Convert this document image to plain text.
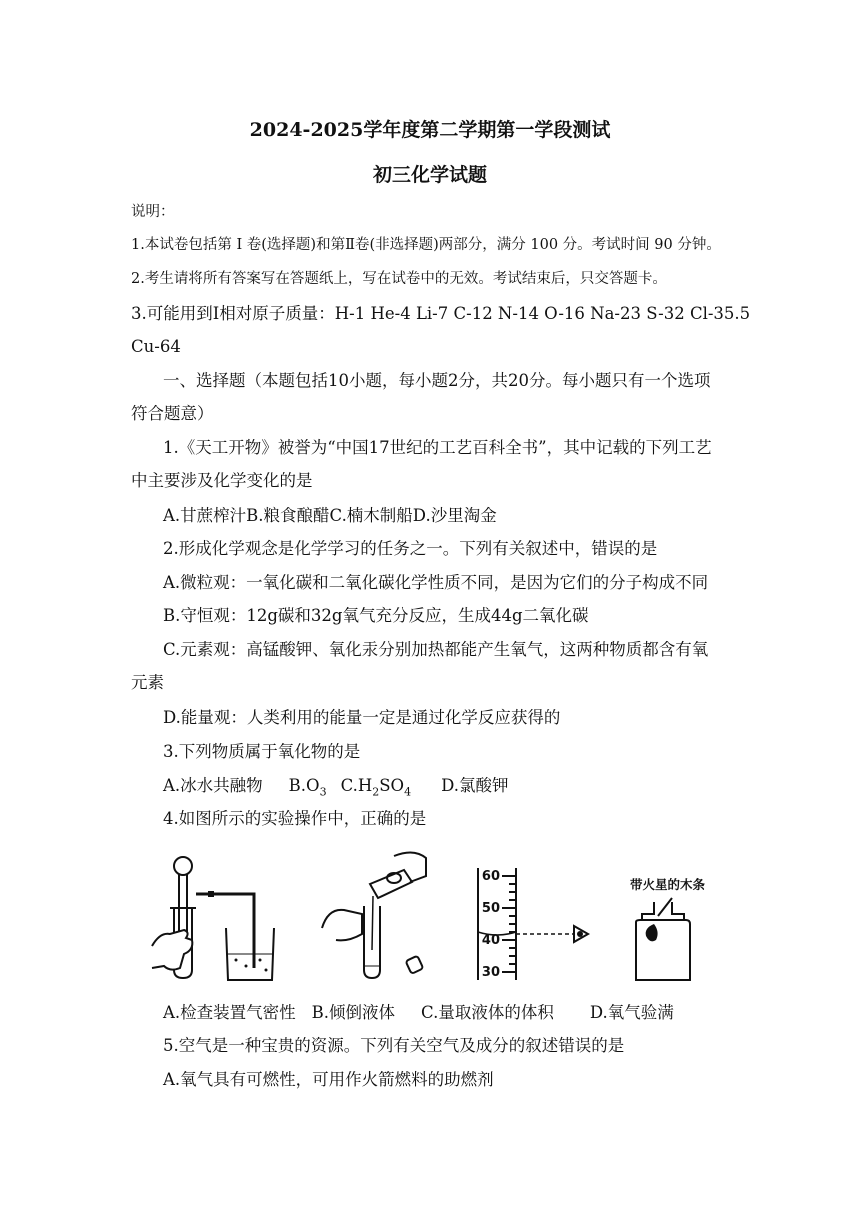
2024-2025学年度第二学期第一学段测试
初三化学试题
说明：
1.本试卷包括第 I 卷(选择题)和第Ⅱ卷(非选择题)两部分，满分 100 分。考试时间 90 分钟。
2.考生请将所有答案写在答题纸上，写在试卷中的无效。考试结束后，只交答题卡。
3.可能用到I相对原子质量：H-1 He-4 Li-7 C-12 N-14 O-16 Na-23 S-32 Cl-35.5
Cu-64
一、选择题（本题包括10小题，每小题2分，共20分。每小题只有一个选项
符合题意）
1.《天工开物》被誉为“中国17世纪的工艺百科全书”，其中记载的下列工艺
中主要涉及化学变化的是
A.甘蔗榨汁B.粮食酿醋C.楠木制船D.沙里淘金
2.形成化学观念是化学学习的任务之一。下列有关叙述中，错误的是
A.微粒观：一氧化碳和二氧化碳化学性质不同，是因为它们的分子构成不同
B.守恒观：12g碳和32g氧气充分反应，生成44g二氧化碳
C.元素观：高锰酸钾、氧化汞分别加热都能产生氧气，这两种物质都含有氧
元素
D.能量观：人类利用的能量一定是通过化学反应获得的
3.下列物质属于氧化物的是
A.冰水共融物 $B.O_3$ $C.H_2SO_4$ D.氯酸钾
4.如图所示的实验操作中，正确的是
60
50
40
30
带火星的木条
A.检查装置气密性 B.倾倒液体 C.量取液体的体积 D.氧气验满
5.空气是一种宝贵的资源。下列有关空气及成分的叙述错误的是
A.氧气具有可燃性，可用作火箭燃料的助燃剂
